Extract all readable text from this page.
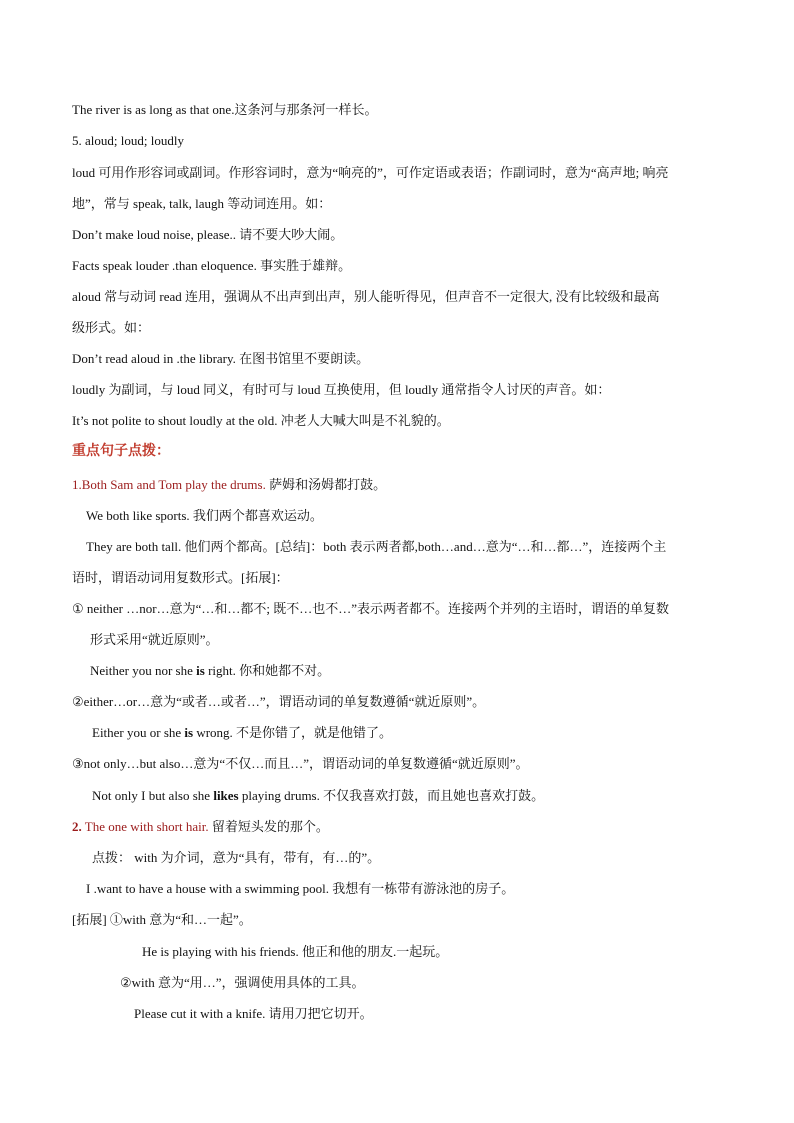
The river is as long as that one.这条河与那条河一样长。
5. aloud; loud; loudly
loud 可用作形容词或副词。作形容词时，意为“响亮的”，可作定语或表语；作副词时，意为“高声地; 响亮
地”，常与 speak, talk, laugh 等动词连用。如：
Don’t make loud noise, please.. 请不要大吵大闹。
Facts speak louder .than eloquence. 事实胜于雄辩。
aloud 常与动词 read 连用，强调从不出声到出声，别人能听得见，但声音不一定很大, 没有比较级和最高
级形式。如：
Don’t read aloud in .the library. 在图书馆里不要朗读。
loudly 为副词，与 loud 同义，有时可与 loud 互换使用，但 loudly 通常指令人讨厌的声音。如：
It’s not polite to shout loudly at the old. 冲老人大喊大叫是不礼貌的。
重点句子点拨：
1.Both Sam and Tom play the drums. 萨姆和汤姆都打鼓。
We both like sports. 我们两个都喜欢运动。
They are both tall. 他们两个都高。[总结]：both 表示两者都,both…and…意为“…和…都…”，连接两个主
语时，谓语动词用复数形式。[拓展]：
① neither …nor…意为“…和…都不; 既不…也不…”表示两者都不。连接两个并列的主语时，谓语的单复数
形式采用“就近原则”。
Neither you nor she is right. 你和她都不对。
②either…or…意为“或者…或者…”，谓语动词的单复数遵循“就近原则”。
Either you or she is wrong. 不是你错了，就是他错了。
③not only…but also…意为“不仅…而且…”，谓语动词的单复数遵循“就近原则”。
Not only I but also she likes playing drums. 不仅我喜欢打鼓，而且她也喜欢打鼓。
2. The one with short hair. 留着短头发的那个。
点拨： with 为介词，意为“具有，带有，有…的”。
I .want to have a house with a swimming pool. 我想有一栋带有游泳池的房子。
[拓展] ①with 意为“和…一起”。
He is playing with his friends. 他正和他的朋友.一起玩。
②with 意为“用…”，强调使用具体的工具。
Please cut it with a knife. 请用刀把它切开。
